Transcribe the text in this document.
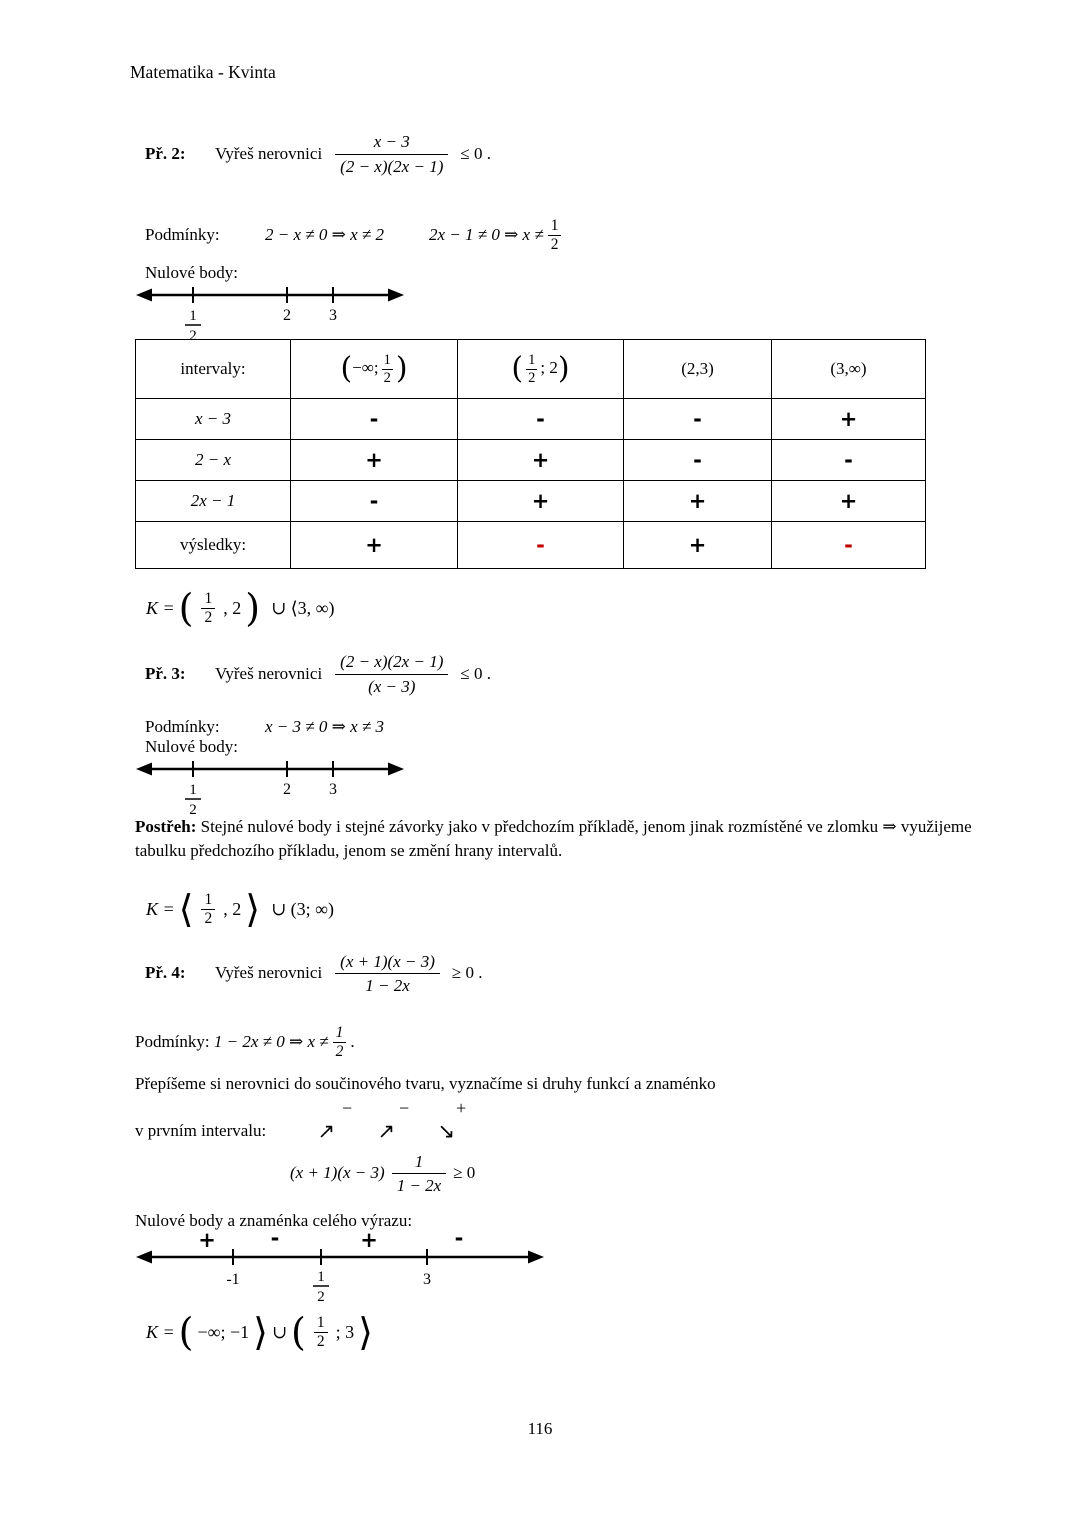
Matematika - Kvinta
Př. 2:	Vyřeš nerovnici $\frac{x - 3}{(2 - x)(2x - 1)} \le 0$ .
Podmínky:	2 − x ≠ 0 ⇒ x ≠ 2	2x − 1 ≠ 0 ⇒ $x \ne \frac{1}{2}$
Nulové body:
1
2
2 3
intervaly:	(−∞; $\frac{1}{2}$ )	( $\frac{1}{2}$ ; 2)	(2,3)	(3,∞)
x − 3	-	-	-	+
2 − x	+	+	-	-
2x − 1	-	+	+	+
výsledky:	+	-	+	-
K = ( $\frac{1}{2}$ , 2 ) ∪ ⟨3, ∞)
Př. 3:	Vyřeš nerovnici $\frac{(2 - x)(2x - 1)}{(x - 3)} \le 0$ .
Podmínky:	x − 3 ≠ 0 ⇒ x ≠ 3
Nulové body:
1
2
2 3

Postřeh: Stejné nulové body i stejné závorky jako v předchozím příkladě, jenom jinak rozmístěné ve zlomku ⇒ využijeme tabulku předchozího příkladu, jenom se změní hrany intervalů.

K = ⟨ $\frac{1}{2}$ , 2 ⟩ ∪ (3; ∞)
Př. 4:	Vyřeš nerovnici $\frac{(x + 1)(x - 3)}{1 - 2x} \ge 0$ .
Podmínky:
1 − 2x ≠ 0 ⇒ $x \ne \frac{1}{2}$ .
Přepíšeme si nerovnici do součinového tvaru, vyznačíme si druhy funkcí a znaménko
−	−	+
v prvním intervalu:	↗	↗	↘
$(x + 1)(x - 3) \frac{1}{1 - 2x} \ge 0$
Nulové body a znaménka celého výrazu:
+	-	+	-
-1	1
2
3
K = ( −∞; −1 ⟩ ∪ ( $\frac{1}{2}$ ; 3 ⟩
116
